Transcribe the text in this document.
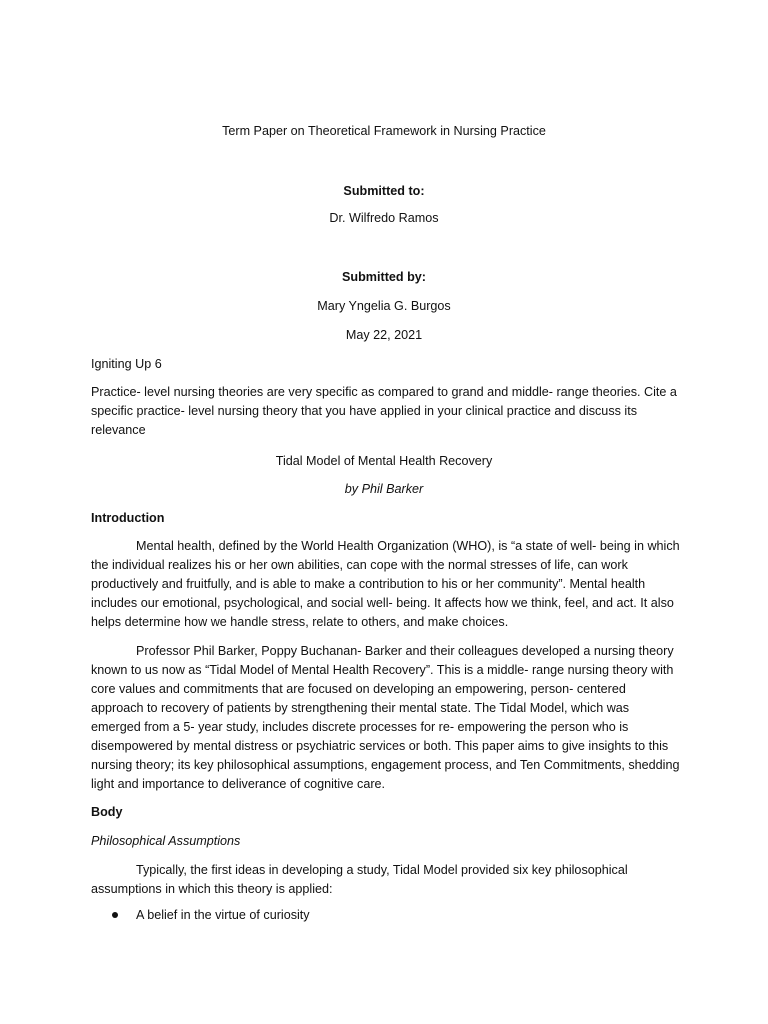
Term Paper on Theoretical Framework in Nursing Practice
Submitted to:
Dr. Wilfredo Ramos
Submitted by:
Mary Yngelia G. Burgos
May 22, 2021
Igniting Up 6

Practice- level nursing theories are very specific as compared to grand and middle- range theories. Cite a specific practice- level nursing theory that you have applied in your clinical practice and discuss its relevance

Tidal Model of Mental Health Recovery
by Phil Barker
Introduction

Mental health, defined by the World Health Organization (WHO), is “a state of well- being in which the individual realizes his or her own abilities, can cope with the normal stresses of life, can work productively and fruitfully, and is able to make a contribution to his or her community”. Mental health includes our emotional, psychological, and social well- being. It affects how we think, feel, and act. It also helps determine how we handle stress, relate to others, and make choices.

Professor Phil Barker, Poppy Buchanan- Barker and their colleagues developed a nursing theory known to us now as “Tidal Model of Mental Health Recovery”. This is a middle- range nursing theory with core values and commitments that are focused on developing an empowering, person- centered approach to recovery of patients by strengthening their mental state. The Tidal Model, which was emerged from a 5- year study, includes discrete processes for re- empowering the person who is disempowered by mental distress or psychiatric services or both. This paper aims to give insights to this nursing theory; its key philosophical assumptions, engagement process, and Ten Commitments, shedding light and importance to deliverance of cognitive care.

Body
Philosophical Assumptions

Typically, the first ideas in developing a study, Tidal Model provided six key philosophical assumptions in which this theory is applied:

A belief in the virtue of curiosity
